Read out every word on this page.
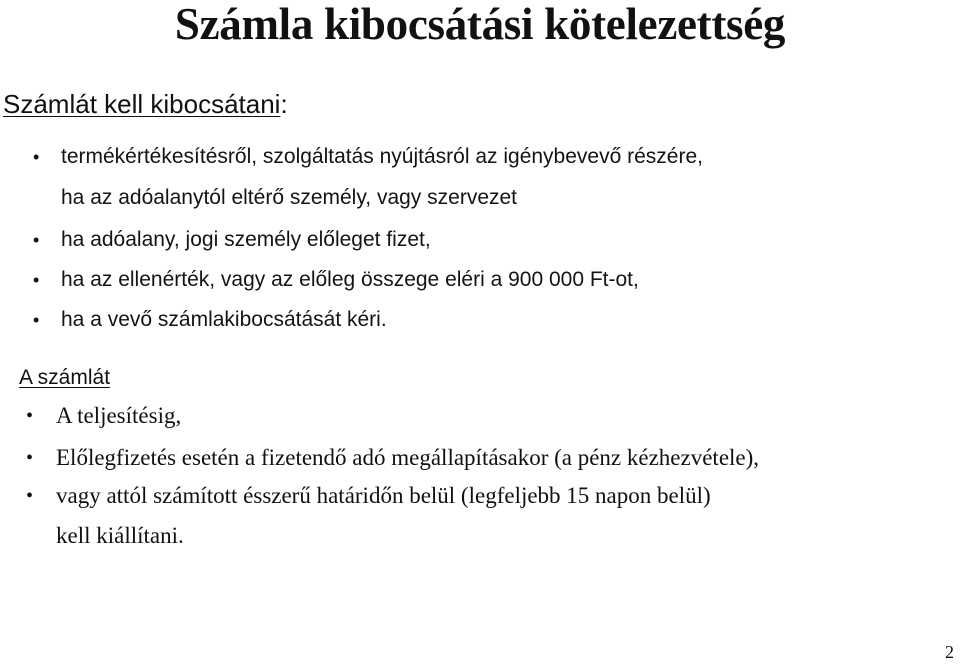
Számla kibocsátási kötelezettség
Számlát kell kibocsátani:
• termékértékesítésről, szolgáltatás nyújtásról az igénybevevő részére,
ha az adóalanytól eltérő személy, vagy szervezet
• ha adóalany, jogi személy előleget fizet,
• ha az ellenérték, vagy az előleg összege eléri a 900 000 Ft-ot,
• ha a vevő számlakibocsátását kéri.
A számlát
• A teljesítésig,
• Előlegfizetés esetén a fizetendő adó megállapításakor (a pénz kézhezvétele),
• vagy attól számított ésszerű határidőn belül (legfeljebb 15 napon belül)
kell kiállítani.
2
